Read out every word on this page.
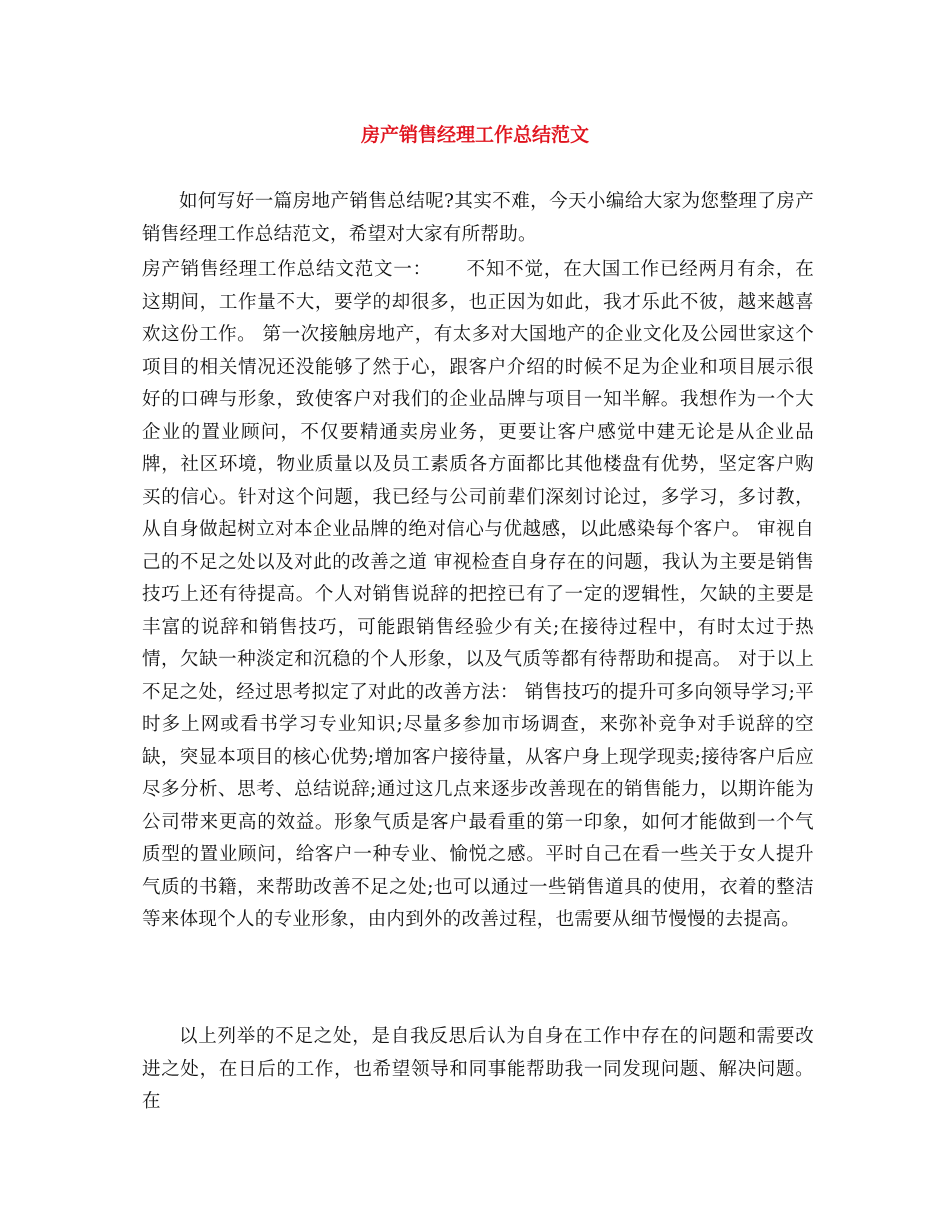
房产销售经理工作总结范文
如何写好一篇房地产销售总结呢?其实不难，今天小编给大家为您整理了房产销售经理工作总结范文，希望对大家有所帮助。
房产销售经理工作总结文范文一： 不知不觉，在大国工作已经两月有余，在这期间，工作量不大，要学的却很多，也正因为如此，我才乐此不彼，越来越喜欢这份工作。 第一次接触房地产，有太多对大国地产的企业文化及公园世家这个项目的相关情况还没能够了然于心，跟客户介绍的时候不足为企业和项目展示很好的口碑与形象，致使客户对我们的企业品牌与项目一知半解。我想作为一个大企业的置业顾问，不仅要精通卖房业务，更要让客户感觉中建无论是从企业品牌，社区环境，物业质量以及员工素质各方面都比其他楼盘有优势，坚定客户购买的信心。针对这个问题，我已经与公司前辈们深刻讨论过，多学习，多讨教，从自身做起树立对本企业品牌的绝对信心与优越感，以此感染每个客户。 审视自己的不足之处以及对此的改善之道 审视检查自身存在的问题，我认为主要是销售技巧上还有待提高。个人对销售说辞的把控已有了一定的逻辑性，欠缺的主要是丰富的说辞和销售技巧，可能跟销售经验少有关;在接待过程中，有时太过于热情，欠缺一种淡定和沉稳的个人形象，以及气质等都有待帮助和提高。 对于以上不足之处，经过思考拟定了对此的改善方法： 销售技巧的提升可多向领导学习;平时多上网或看书学习专业知识;尽量多参加市场调查，来弥补竞争对手说辞的空缺，突显本项目的核心优势;增加客户接待量，从客户身上现学现卖;接待客户后应尽多分析、思考、总结说辞;通过这几点来逐步改善现在的销售能力，以期许能为公司带来更高的效益。形象气质是客户最看重的第一印象，如何才能做到一个气质型的置业顾问，给客户一种专业、愉悦之感。平时自己在看一些关于女人提升气质的书籍，来帮助改善不足之处;也可以通过一些销售道具的使用，衣着的整洁等来体现个人的专业形象，由内到外的改善过程，也需要从细节慢慢的去提高。
以上列举的不足之处，是自我反思后认为自身在工作中存在的问题和需要改进之处，在日后的工作，也希望领导和同事能帮助我一同发现问题、解决问题。 在
